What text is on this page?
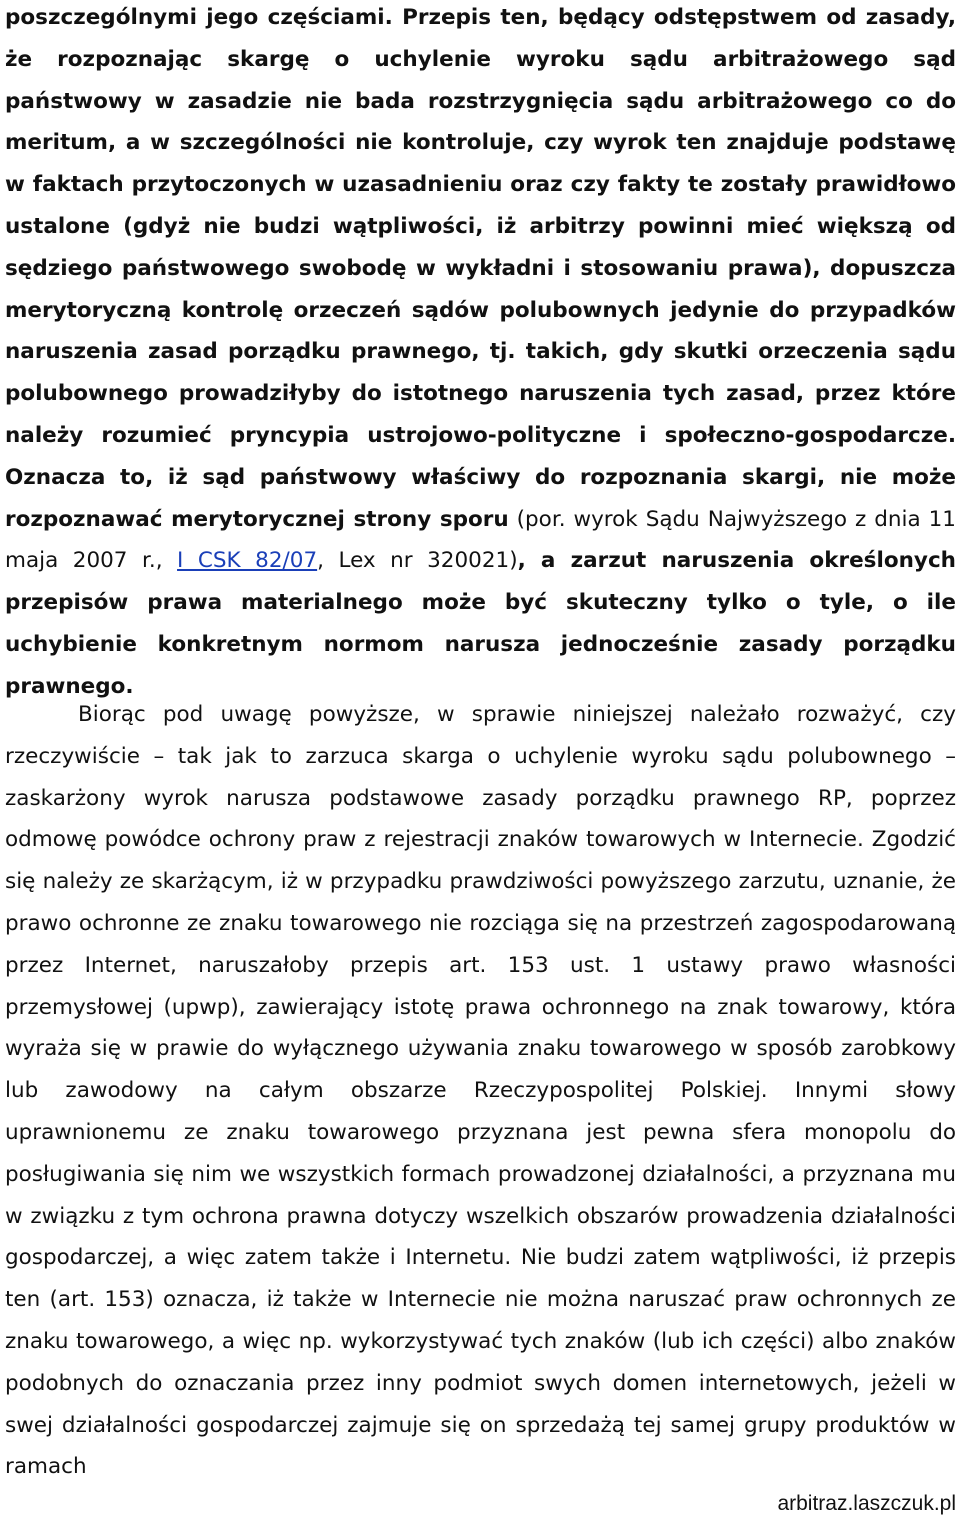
poszczególnymi jego częściami. Przepis ten, będący odstępstwem od zasady, że rozpoznając skargę o uchylenie wyroku sądu arbitrażowego sąd państwowy w zasadzie nie bada rozstrzygnięcia sądu arbitrażowego co do meritum, a w szczególności nie kontroluje, czy wyrok ten znajduje podstawę w faktach przytoczonych w uzasadnieniu oraz czy fakty te zostały prawidłowo ustalone (gdyż nie budzi wątpliwości, iż arbitrzy powinni mieć większą od sędziego państwowego swobodę w wykładni i stosowaniu prawa), dopuszcza merytoryczną kontrolę orzeczeń sądów polubownych jedynie do przypadków naruszenia zasad porządku prawnego, tj. takich, gdy skutki orzeczenia sądu polubownego prowadziłyby do istotnego naruszenia tych zasad, przez które należy rozumieć pryncypia ustrojowo-polityczne i społeczno-gospodarcze. Oznacza to, iż sąd państwowy właściwy do rozpoznania skargi, nie może rozpoznawać merytorycznej strony sporu (por. wyrok Sądu Najwyższego z dnia 11 maja 2007 r., I CSK 82/07, Lex nr 320021), a zarzut naruszenia określonych przepisów prawa materialnego może być skuteczny tylko o tyle, o ile uchybienie konkretnym normom narusza jednocześnie zasady porządku prawnego.

Biorąc pod uwagę powyższe, w sprawie niniejszej należało rozważyć, czy rzeczywiście – tak jak to zarzuca skarga o uchylenie wyroku sądu polubownego – zaskarżony wyrok narusza podstawowe zasady porządku prawnego RP, poprzez odmowę powódce ochrony praw z rejestracji znaków towarowych w Internecie. Zgodzić się należy ze skarżącym, iż w przypadku prawdziwości powyższego zarzutu, uznanie, że prawo ochronne ze znaku towarowego nie rozciąga się na przestrzeń zagospodarowaną przez Internet, naruszałoby przepis art. 153 ust. 1 ustawy prawo własności przemysłowej (upwp), zawierający istotę prawa ochronnego na znak towarowy, która wyraża się w prawie do wyłącznego używania znaku towarowego w sposób zarobkowy lub zawodowy na całym obszarze Rzeczypospolitej Polskiej. Innymi słowy uprawnionemu ze znaku towarowego przyznana jest pewna sfera monopolu do posługiwania się nim we wszystkich formach prowadzonej działalności, a przyznana mu w związku z tym ochrona prawna dotyczy wszelkich obszarów prowadzenia działalności gospodarczej, a więc zatem także i Internetu. Nie budzi zatem wątpliwości, iż przepis ten (art. 153) oznacza, iż także w Internecie nie można naruszać praw ochronnych ze znaku towarowego, a więc np. wykorzystywać tych znaków (lub ich części) albo znaków podobnych do oznaczania przez inny podmiot swych domen internetowych, jeżeli w swej działalności gospodarczej zajmuje się on sprzedażą tej samej grupy produktów w ramach

arbitraz.laszczuk.pl
